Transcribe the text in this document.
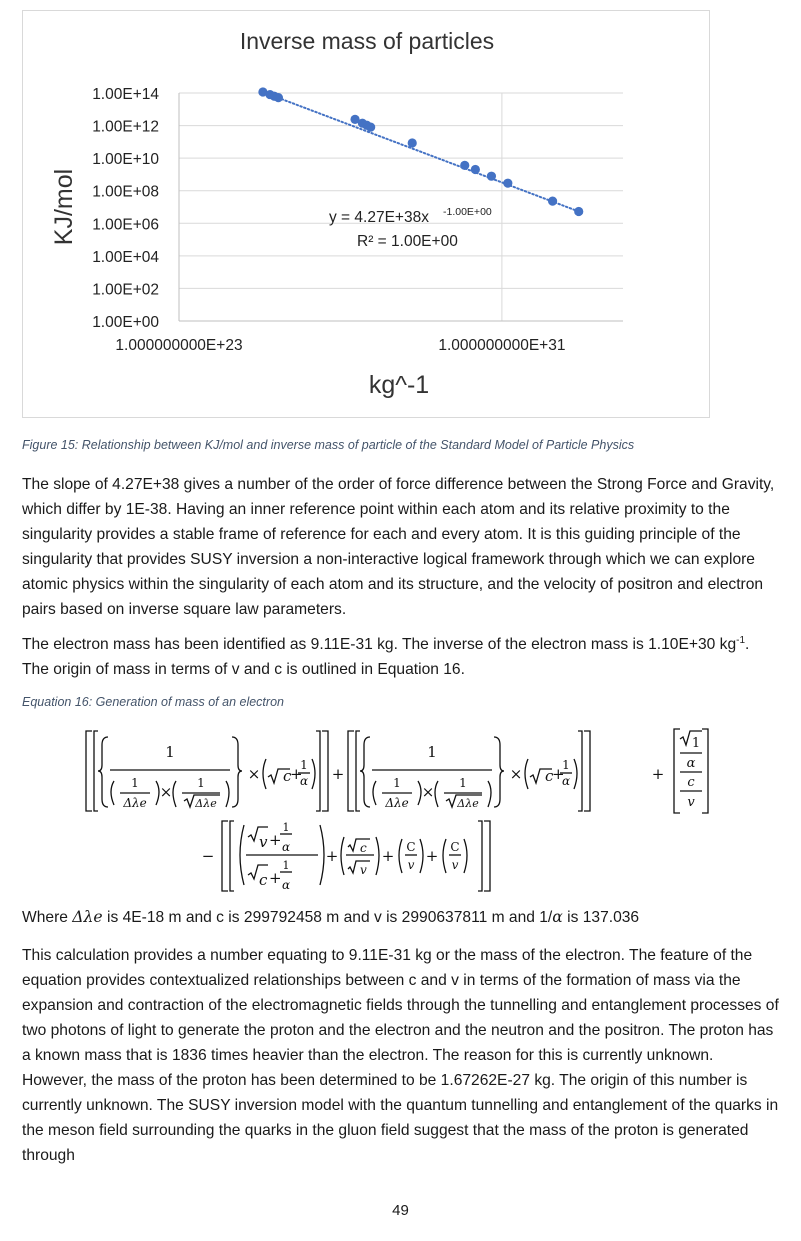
1.00E+14
1.00E+12
1.00E+10
1.00E+08
1.00E+06
1.00E+04
1.00E+02
1.00E+00
1.000000000E+23	1.000000000E+31
Inverse mass of particles
kg^-1
KJ/mol	y = 4.27E+38x -1.00E+00
R² = 1.00E+00
Figure 15: Relationship between KJ/mol and inverse mass of particle of the Standard Model of Particle Physics

The slope of 4.27E+38 gives a number of the order of force difference between the Strong Force and Gravity, which differ by 1E-38. Having an inner reference point within each atom and its relative proximity to the singularity provides a stable frame of reference for each and every atom. It is this guiding principle of the singularity that provides SUSY inversion a non-interactive logical framework through which we can explore atomic physics within the singularity of each atom and its structure, and the velocity of positron and electron pairs based on inverse square law parameters.

The electron mass has been identified as 9.11E-31 kg. The inverse of the electron mass is 1.10E+30 $kg^{-1}$. The origin of mass in terms of v and c is outlined in Equation 16.

Equation 16: Generation of mass of an electron
1
1
Δλe
× 1
Δλe
× c
+
1
α +
1
1
Δλe
× 1
Δλe
× c
+
1
α	+
1
α
c
v
−
v +
1
α
c +
1
α
+ c
v
+ C
v + C
v

Where Δλe is 4E-18 m and c is 299792458 m and v is 2990637811 m and 1/α is 137.036

This calculation provides a number equating to 9.11E-31 kg or the mass of the electron. The feature of the equation provides contextualized relationships between c and v in terms of the formation of mass via the expansion and contraction of the electromagnetic fields through the tunnelling and entanglement processes of two photons of light to generate the proton and the electron and the neutron and the positron. The proton has a known mass that is 1836 times heavier than the electron. The reason for this is currently unknown. However, the mass of the proton has been determined to be 1.67262E-27 kg. The origin of this number is currently unknown. The SUSY inversion model with the quantum tunnelling and entanglement of the quarks in the meson field surrounding the quarks in the gluon field suggest that the mass of the proton is generated through

49
